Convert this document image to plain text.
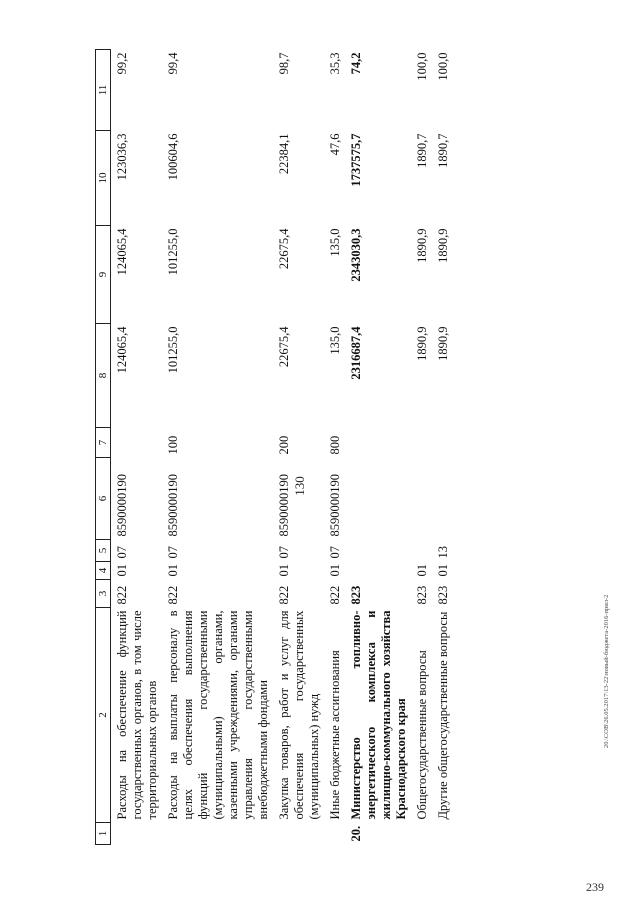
130
1	2	3	4	5	6	7	8	9	10	11
	Расходы на обеспечение функций государственных органов, в том числе территориальных органов	822	01	07	8590000190		124065,4	124065,4	123036,3	99,2
	Расходы на выплаты персоналу в целях обеспечения выполнения функций государственными (муниципальными) органами, казенными учреждениями, органами управления государственными внебюджетными фондами	822	01	07	8590000190	100	101255,0	101255,0	100604,6	99,4
	Закупка товаров, работ и услуг для обеспечения государственных (муниципальных) нужд	822	01	07	8590000190	200	22675,4	22675,4	22384,1	98,7
	Иные бюджетные ассигнования	822	01	07	8590000190	800	135,0	135,0	47,6	35,3
20.	Министерство топливно-энергетического комплекса и жилищно-коммунального хозяйства Краснодарского края	823					2316687,4	2343030,3	1737575,7	74,2
	Общегосударственные вопросы	823	01				1890,9	1890,9	1890,7	100,0
	Другие общегосударственные вопросы	823	01	13			1890,9	1890,9	1890,7	100,0
20.\СОВ\26.05.2017\13-22\новый-бюджета-2016-прил-2
239
